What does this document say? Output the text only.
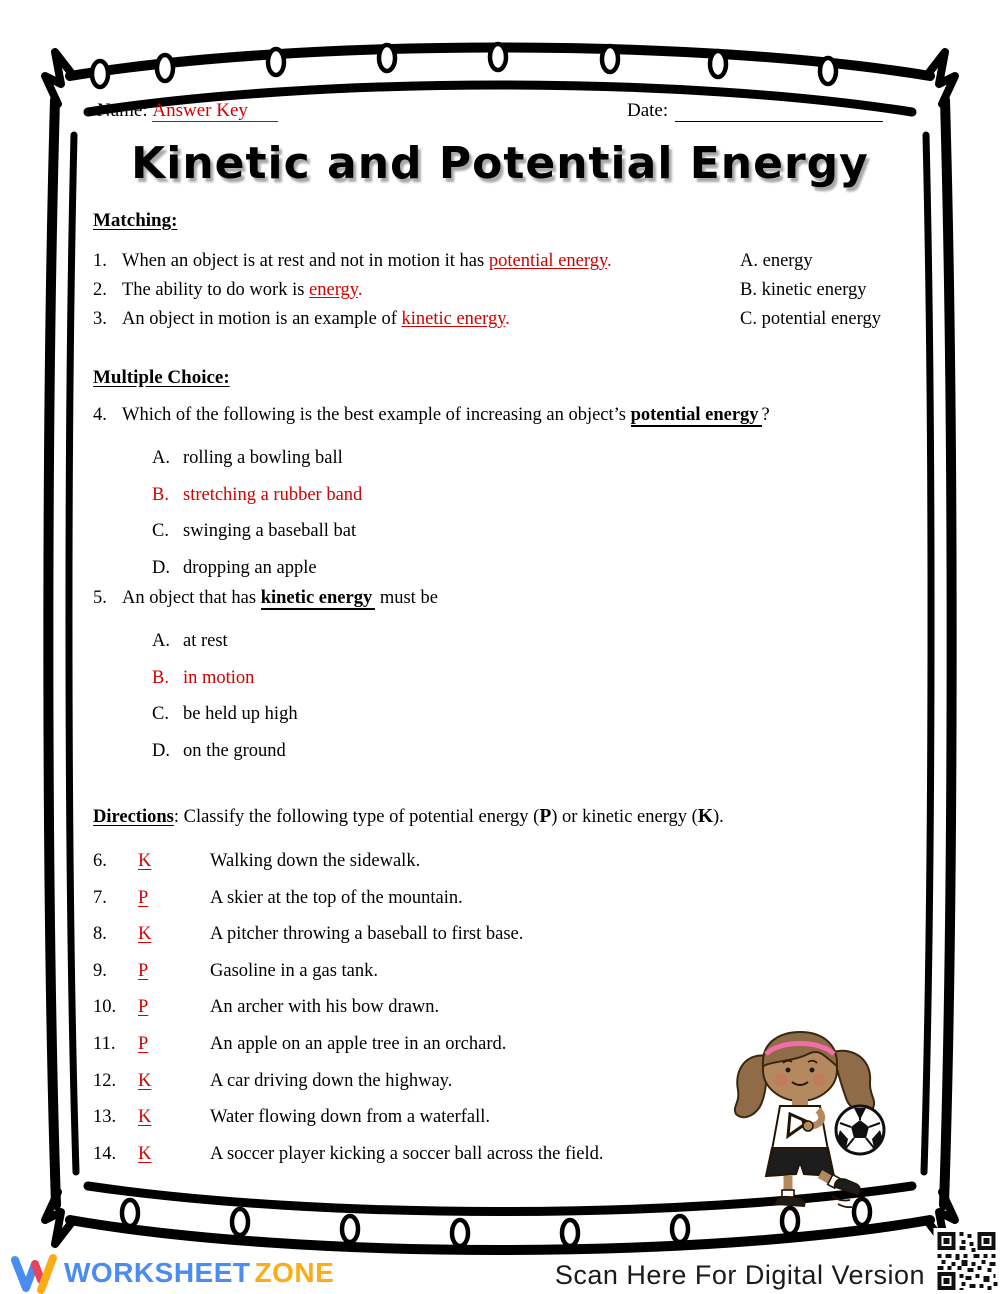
Name: Answer Key	Date:
Kinetic and Potential Energy
Matching:
1. When an object is at rest and not in motion it has potential energy.
2. The ability to do work is energy.
3. An object in motion is an example of kinetic energy.
A. energy
B. kinetic energy
C. potential energy
Multiple Choice:
4. Which of the following is the best example of increasing an object’s potential energy ?
A. rolling a bowling ball
B. stretching a rubber band
C. swinging a baseball bat
D. dropping an apple
5. An object that has kinetic energy must be
A. at rest
B. in motion
C. be held up high
D. on the ground
Directions: Classify the following type of potential energy (P) or kinetic energy (K).
6. K	Walking down the sidewalk.
7. P	A skier at the top of the mountain.
8. K	A pitcher throwing a baseball to first base.
9. P	Gasoline in a gas tank.
10. P	An archer with his bow drawn.
11. P	An apple on an apple tree in an orchard.
12. K	A car driving down the highway.
13. K	Water flowing down from a waterfall.
14. K	A soccer player kicking a soccer ball across the field.
WORKSHEET ZONE	Scan Here For Digital Version
